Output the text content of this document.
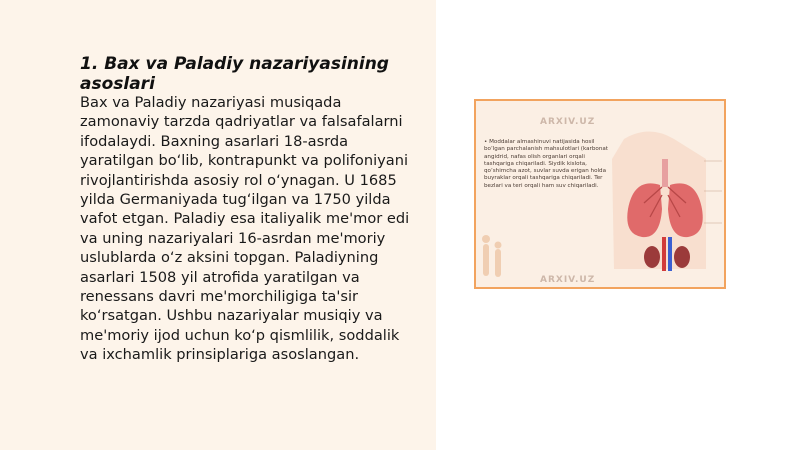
1. Bax va Paladiy nazariyasining asoslari

Bax va Paladiy nazariyasi musiqada zamonaviy tarzda qadriyatlar va falsafalarni ifodalaydi. Baxning asarlari 18-asrda yaratilgan bo‘lib, kontrapunkt va polifoniyani rivojlantirishda asosiy rol o‘ynagan. U 1685 yilda Germaniyada tug‘ilgan va 1750 yilda vafot etgan. Paladiy esa italiyalik me'mor edi va uning nazariyalari 16-asrdan me'moriy uslublarda o‘z aksini topgan. Paladiyning asarlari 1508 yil atrofida yaratilgan va renessans davri me'morchiligiga ta'sir ko‘rsatgan. Ushbu nazariyalar musiqiy va me'moriy ijod uchun ko‘p qismlilik, soddalik va ixchamlik prinsiplariga asoslangan.

ARXIV.UZ
ARXIV.UZ
• Moddalar almashinuvi natijasida hosil bo‘lgan parchalanish mahsulotlari (karbonat angidrid, nafas olish organlari orqali tashqariga chiqariladi. Siydik kislota, qo‘shimcha azot, suvlar suvda erigan holda buyraklar orqali tashqariga chiqariladi. Ter bezlari va teri orqali ham suv chiqariladi.
